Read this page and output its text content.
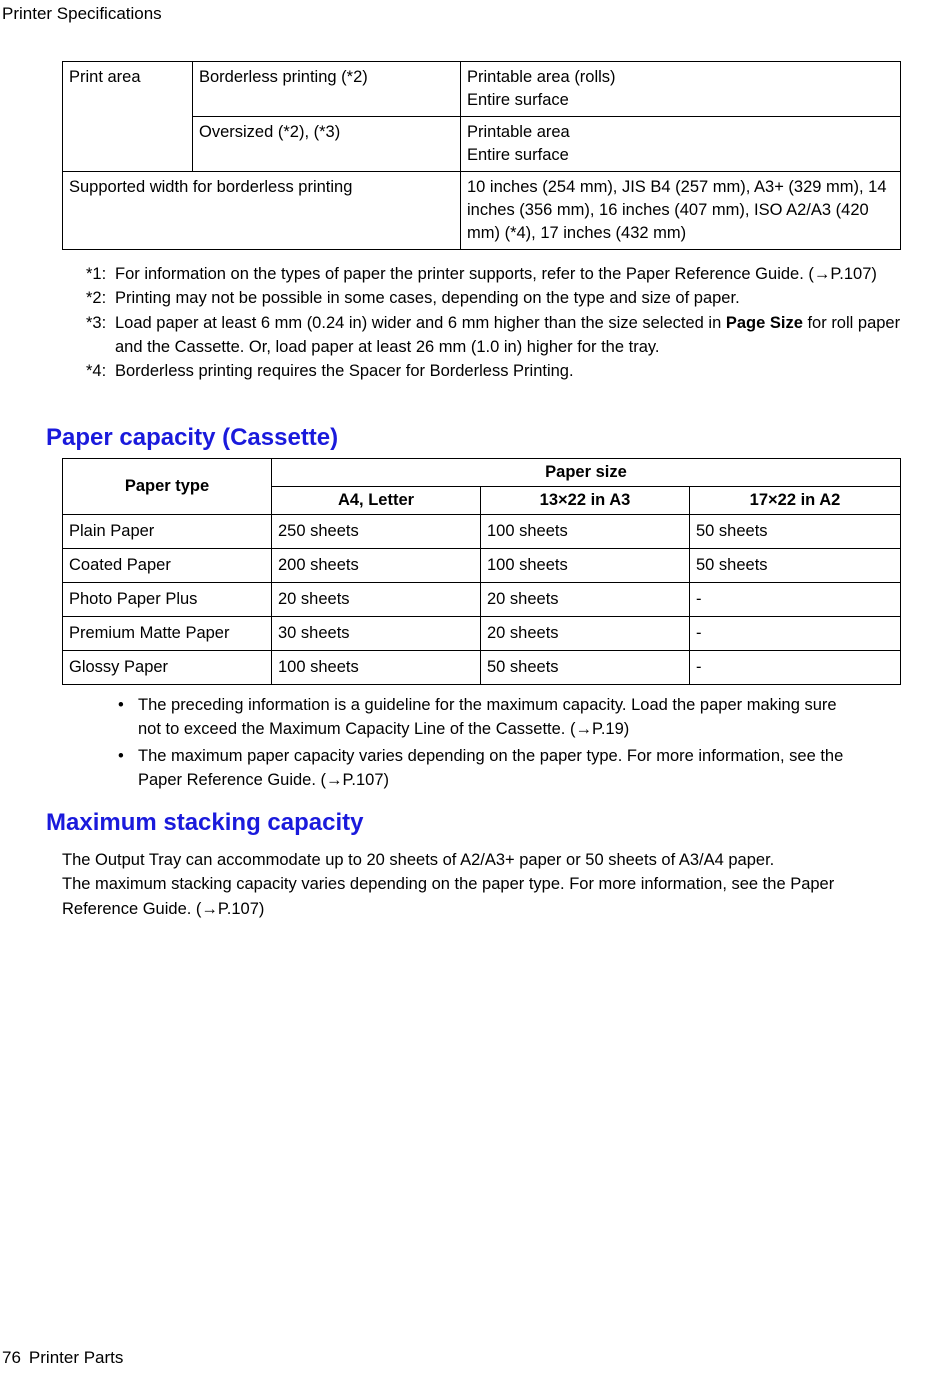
Printer Specifications
Print area	Borderless printing (*2)	Printable area (rolls)
Entire surface

	Oversized (*2), (*3)	Printable area
Entire surface

Supported width for borderless printing		10 inches (254 mm), JIS B4 (257 mm), A3+ (329 mm), 14 inches (356 mm), 16 inches (407 mm), ISO A2/A3 (420 mm) (*4), 17 inches (432 mm)
*1: For information on the types of paper the printer supports, refer to the Paper Reference Guide. (→P.107)
*2: Printing may not be possible in some cases, depending on the type and size of paper.
*3: Load paper at least 6 mm (0.24 in) wider and 6 mm higher than the size selected in Page Size for roll paper and the Cassette. Or, load paper at least 26 mm (1.0 in) higher for the tray.
*4: Borderless printing requires the Spacer for Borderless Printing.
Paper capacity (Cassette)
Paper type	Paper size		
	A4, Letter	13×22 in A3	17×22 in A2
Plain Paper	250 sheets	100 sheets	50 sheets
Coated Paper	200 sheets	100 sheets	50 sheets
Photo Paper Plus	20 sheets	20 sheets	-
Premium Matte Paper	30 sheets	20 sheets	-
Glossy Paper	100 sheets	50 sheets	-
• The preceding information is a guideline for the maximum capacity. Load the paper making sure not to exceed the Maximum Capacity Line of the Cassette. (→P.19)
• The maximum paper capacity varies depending on the paper type. For more information, see the Paper Reference Guide. (→P.107)
Maximum stacking capacity
The Output Tray can accommodate up to 20 sheets of A2/A3+ paper or 50 sheets of A3/A4 paper.
The maximum stacking capacity varies depending on the paper type. For more information, see the Paper Reference Guide. (→P.107)
76 Printer Parts
